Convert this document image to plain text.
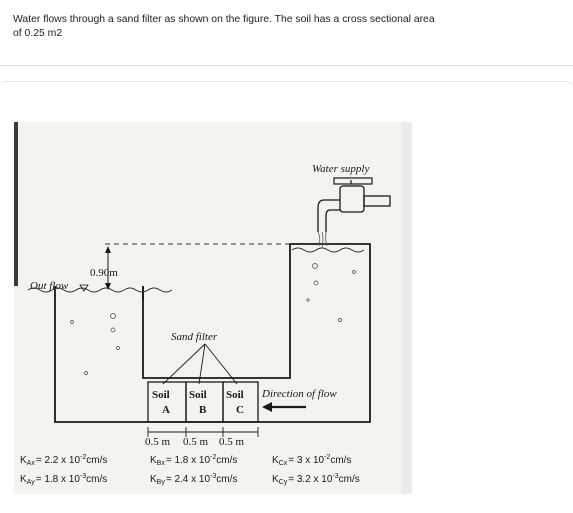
Water flows through a sand filter as shown on the figure. The soil has a cross sectional area
of 0.25 m2
0.90m
Out flow
Water supply
Sand filter
Soil
A
Soil
B
Soil
C
Direction of flow
0.5 m 0.5 m 0.5 m
$K_{Ax}= 2.2$ x $10^{-2}cm/s$	$K_{Bx}= 1.8$ x $10^{-2}cm/s$	$K_{Cx}= 3$ x $10^{-2}cm/s$
$K_{Ay}= 1.8$ x $10^{-3}cm/s$	$K_{By}= 2.4$ x $10^{-3}cm/s$	$K_{Cy}= 3.2$ x $10^{-3}cm/s$
